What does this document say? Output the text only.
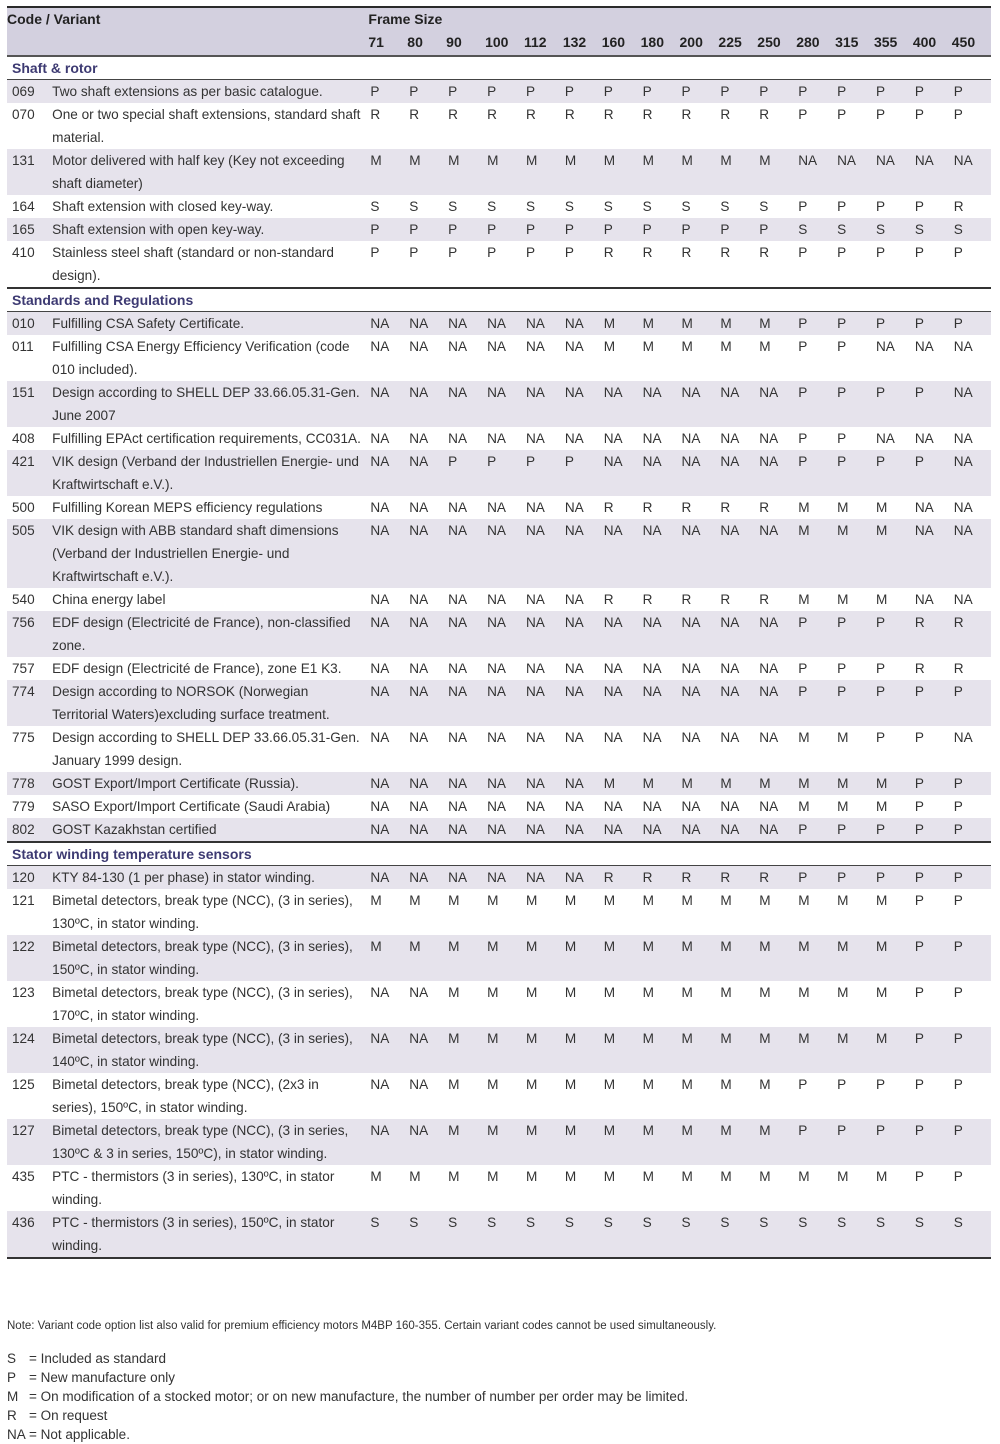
Code / Variant		Frame Size															
		71	80	90	100	112	132	160	180	200	225	250	280	315	355	400	450
Shaft & rotor																	
069	Two shaft extensions as per basic catalogue.	P	P	P	P	P	P	P	P	P	P	P	P	P	P	P	P
070	One or two special shaft extensions, standard shaft material.	R	R	R	R	R	R	R	R	R	R	R	P	P	P	P	P
131	Motor delivered with half key (Key not exceeding shaft diameter)	M	M	M	M	M	M	M	M	M	M	M	NA	NA	NA	NA	NA
164	Shaft extension with closed key-way.	S	S	S	S	S	S	S	S	S	S	S	P	P	P	P	R
165	Shaft extension with open key-way.	P	P	P	P	P	P	P	P	P	P	P	S	S	S	S	S
410	Stainless steel shaft (standard or non-standard design).	P	P	P	P	P	P	R	R	R	R	R	P	P	P	P	P
Standards and Regulations																	
010	Fulfilling CSA Safety Certificate.	NA	NA	NA	NA	NA	NA	M	M	M	M	M	P	P	P	P	P
011	Fulfilling CSA Energy Efficiency Verification (code 010 included).	NA	NA	NA	NA	NA	NA	M	M	M	M	M	P	P	NA	NA	NA
151	Design according to SHELL DEP 33.66.05.31-Gen. June 2007	NA	NA	NA	NA	NA	NA	NA	NA	NA	NA	NA	P	P	P	P	NA
408	Fulfilling EPAct certification requirements, CC031A.	NA	NA	NA	NA	NA	NA	NA	NA	NA	NA	NA	P	P	NA	NA	NA
421	VIK design (Verband der Industriellen Energie- und Kraftwirtschaft e.V.).	NA	NA	P	P	P	P	NA	NA	NA	NA	NA	P	P	P	P	NA
500	Fulfilling Korean MEPS efficiency regulations	NA	NA	NA	NA	NA	NA	R	R	R	R	R	M	M	M	NA	NA
505	VIK design with ABB standard shaft dimensions (Verband der Industriellen Energie- und Kraftwirtschaft e.V.).	NA	NA	NA	NA	NA	NA	NA	NA	NA	NA	NA	M	M	M	NA	NA
540	China energy label	NA	NA	NA	NA	NA	NA	R	R	R	R	R	M	M	M	NA	NA
756	EDF design (Electricité de France), non-classified zone.	NA	NA	NA	NA	NA	NA	NA	NA	NA	NA	NA	P	P	P	R	R
757	EDF design (Electricité de France), zone E1 K3.	NA	NA	NA	NA	NA	NA	NA	NA	NA	NA	NA	P	P	P	R	R
774	Design according to NORSOK (Norwegian Territorial Waters)excluding surface treatment.	NA	NA	NA	NA	NA	NA	NA	NA	NA	NA	NA	P	P	P	P	P
775	Design according to SHELL DEP 33.66.05.31-Gen. January 1999 design.	NA	NA	NA	NA	NA	NA	NA	NA	NA	NA	NA	M	M	P	P	NA
778	GOST Export/Import Certificate (Russia).	NA	NA	NA	NA	NA	NA	M	M	M	M	M	M	M	M	P	P
779	SASO Export/Import Certificate (Saudi Arabia)	NA	NA	NA	NA	NA	NA	NA	NA	NA	NA	NA	M	M	M	P	P
802	GOST Kazakhstan certified	NA	NA	NA	NA	NA	NA	NA	NA	NA	NA	NA	P	P	P	P	P
Stator winding temperature sensors																	
120	KTY 84-130 (1 per phase) in stator winding.	NA	NA	NA	NA	NA	NA	R	R	R	R	R	P	P	P	P	P
121	Bimetal detectors, break type (NCC), (3 in series), 130ºC, in stator winding.	M	M	M	M	M	M	M	M	M	M	M	M	M	M	P	P
122	Bimetal detectors, break type (NCC), (3 in series), 150ºC, in stator winding.	M	M	M	M	M	M	M	M	M	M	M	M	M	M	P	P
123	Bimetal detectors, break type (NCC), (3 in series), 170ºC, in stator winding.	NA	NA	M	M	M	M	M	M	M	M	M	M	M	M	P	P
124	Bimetal detectors, break type (NCC), (3 in series), 140ºC, in stator winding.	NA	NA	M	M	M	M	M	M	M	M	M	M	M	M	P	P
125	Bimetal detectors, break type (NCC), (2x3 in series), 150ºC, in stator winding.	NA	NA	M	M	M	M	M	M	M	M	M	P	P	P	P	P
127	Bimetal detectors, break type (NCC), (3 in series, 130ºC & 3 in series, 150ºC), in stator winding.	NA	NA	M	M	M	M	M	M	M	M	M	P	P	P	P	P
435	PTC - thermistors (3 in series), 130ºC, in stator winding.	M	M	M	M	M	M	M	M	M	M	M	M	M	M	P	P
436	PTC - thermistors (3 in series), 150ºC, in stator winding.	S	S	S	S	S	S	S	S	S	S	S	S	S	S	S	S
Note: Variant code option list also valid for premium efficiency motors M4BP 160-355. Certain variant codes cannot be used simultaneously.
S = Included as standard
P = New manufacture only
M = On modification of a stocked motor; or on new manufacture, the number of number per order may be limited.
R = On request
NA = Not applicable.
